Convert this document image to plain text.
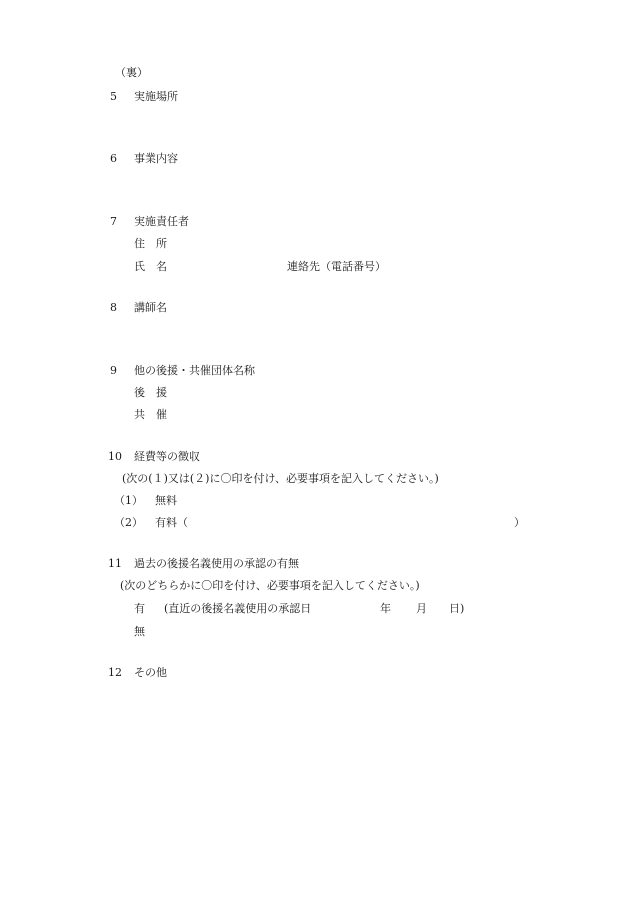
（裏）
5 実施場所
6 事業内容
7 実施責任者
住　所
氏　名	連絡先（電話番号）
8 講師名
9 他の後援・共催団体名称
後　援
共　催
10 経費等の徴収
(次の(１)又は(２)に〇印を付け、必要事項を記入してください。)
（1） 無料
（2） 有料（	）
11 過去の後援名義使用の承認の有無
(次のどちらかに〇印を付け、必要事項を記入してください。)
有 (直近の後援名義使用の承認日	年 月 日)
無
12 その他
